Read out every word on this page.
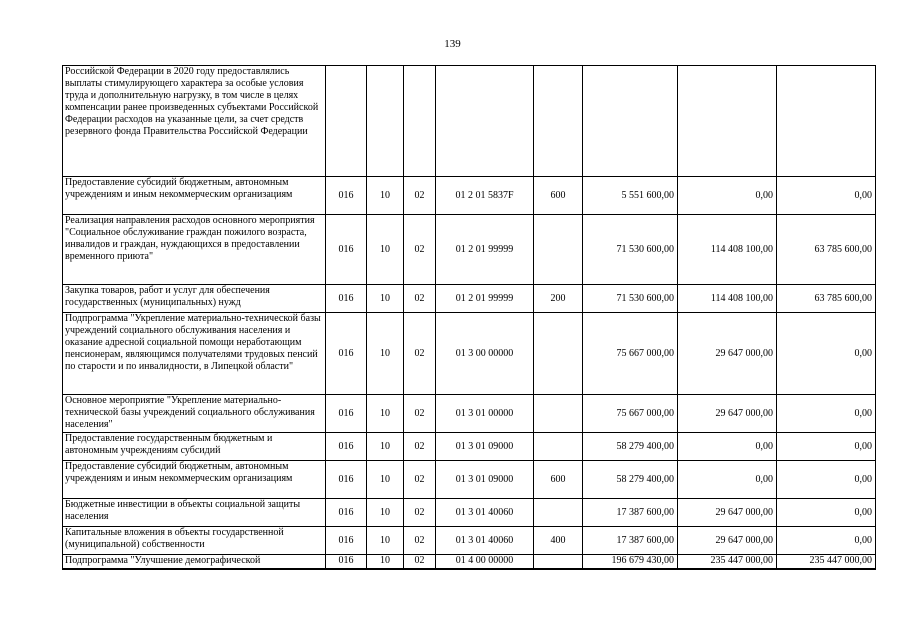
139
Российской Федерации в 2020 году предоставлялись выплаты стимулирующего характера за особые условия труда и дополнительную нагрузку, в том числе в целях компенсации ранее произведенных субъектами Российской Федерации расходов на указанные цели, за счет средств резервного фонда Правительства Российской Федерации								
Предоставление субсидий бюджетным, автономным учреждениям и иным некоммерческим организациям	016	10	02	01 2 01 5837F	600	5 551 600,00	0,00	0,00
Реализация направления расходов основного мероприятия "Социальное обслуживание граждан пожилого возраста, инвалидов и граждан, нуждающихся в предоставлении временного приюта"	016	10	02	01 2 01 99999		71 530 600,00	114 408 100,00	63 785 600,00
Закупка товаров, работ и услуг для обеспечения государственных (муниципальных) нужд	016	10	02	01 2 01 99999	200	71 530 600,00	114 408 100,00	63 785 600,00
Подпрограмма "Укрепление материально-технической базы учреждений социального обслуживания населения и оказание адресной социальной помощи неработающим пенсионерам, являющимся получателями трудовых пенсий по старости и по инвалидности, в Липецкой области"	016	10	02	01 3 00 00000		75 667 000,00	29 647 000,00	0,00
Основное мероприятие "Укрепление материально-технической базы учреждений социального обслуживания населения"	016	10	02	01 3 01 00000		75 667 000,00	29 647 000,00	0,00
Предоставление государственным бюджетным и автономным учреждениям субсидий	016	10	02	01 3 01 09000		58 279 400,00	0,00	0,00
Предоставление субсидий бюджетным, автономным учреждениям и иным некоммерческим организациям	016	10	02	01 3 01 09000	600	58 279 400,00	0,00	0,00
Бюджетные инвестиции в объекты социальной защиты населения	016	10	02	01 3 01 40060		17 387 600,00	29 647 000,00	0,00
Капитальные вложения в объекты государственной (муниципальной) собственности	016	10	02	01 3 01 40060	400	17 387 600,00	29 647 000,00	0,00
Подпрограмма "Улучшение демографической	016	10	02	01 4 00 00000		196 679 430,00	235 447 000,00	235 447 000,00
